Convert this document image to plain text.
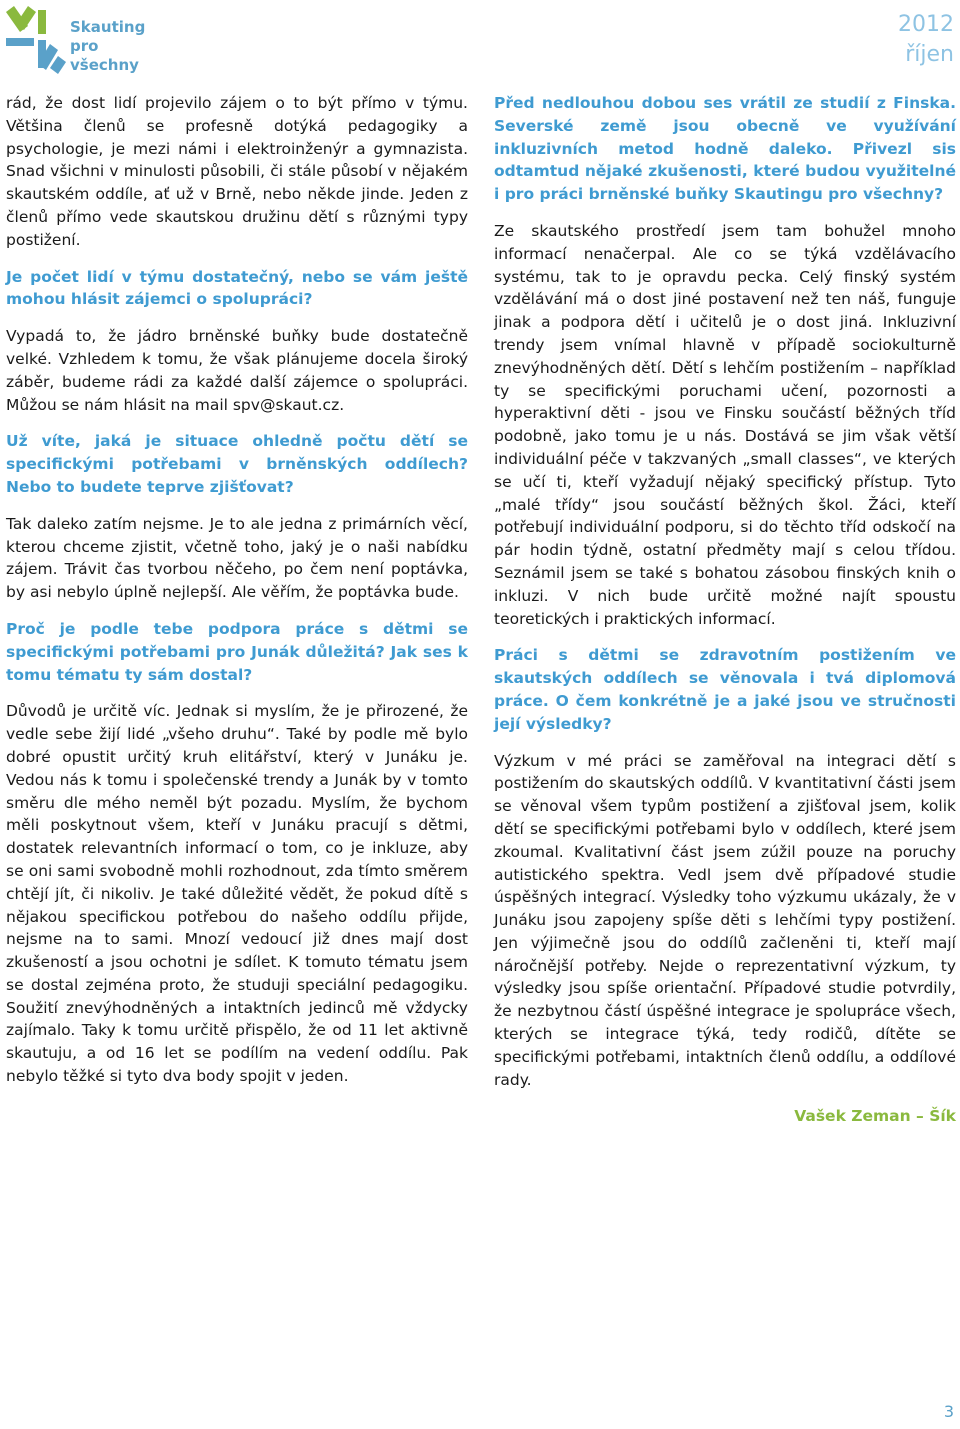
Skauting
pro všechny
2012
říjen

rád, že dost lidí projevilo zájem o to být přímo v týmu. Většina členů se profesně dotýká pedagogiky a psychologie, je mezi námi i elektroinženýr a gymnazista. Snad všichni v minulosti působili, či stále působí v nějakém skautském oddíle, ať už v Brně, nebo někde jinde. Jeden z členů přímo vede skautskou družinu dětí s různými typy postižení.

Je počet lidí v týmu dostatečný, nebo se vám ještě mohou hlásit zájemci o spolupráci?

Vypadá to, že jádro brněnské buňky bude dostatečně velké. Vzhledem k tomu, že však plánujeme docela široký záběr, budeme rádi za každé další zájemce o spolupráci. Můžou se nám hlásit na mail spv@skaut.cz.

Už víte, jaká je situace ohledně počtu dětí se specifickými potřebami v brněnských oddílech? Nebo to budete teprve zjišťovat?

Tak daleko zatím nejsme. Je to ale jedna z primárních věcí, kterou chceme zjistit, včetně toho, jaký je o naši nabídku zájem. Trávit čas tvorbou něčeho, po čem není poptávka, by asi nebylo úplně nejlepší. Ale věřím, že poptávka bude.

Proč je podle tebe podpora práce s dětmi se specifickými potřebami pro Junák důležitá? Jak ses k tomu tématu ty sám dostal?

Důvodů je určitě víc. Jednak si myslím, že je přirozené, že vedle sebe žijí lidé „všeho druhu“. Také by podle mě bylo dobré opustit určitý kruh elitářství, který v Junáku je. Vedou nás k tomu i společenské trendy a Junák by v tomto směru dle mého neměl být pozadu. Myslím, že bychom měli poskytnout všem, kteří v Junáku pracují s dětmi, dostatek relevantních informací o tom, co je inkluze, aby se oni sami svobodně mohli rozhodnout, zda tímto směrem chtějí jít, či nikoliv. Je také důležité vědět, že pokud dítě s nějakou specifickou potřebou do našeho oddílu přijde, nejsme na to sami. Mnozí vedoucí již dnes mají dost zkušeností a jsou ochotni je sdílet. K tomuto tématu jsem se dostal zejména proto, že studuji speciální pedagogiku. Soužití znevýhodněných a intaktních jedinců mě vždycky zajímalo. Taky k tomu určitě přispělo, že od 11 let aktivně skautuju, a od 16 let se podílím na vedení oddílu. Pak nebylo těžké si tyto dva body spojit v jeden.

Před nedlouhou dobou ses vrátil ze studií z Finska. Severské země jsou obecně ve využívání inkluzivních metod hodně daleko. Přivezl sis odtamtud nějaké zkušenosti, které budou využitelné i pro práci brněnské buňky Skautingu pro všechny?

Ze skautského prostředí jsem tam bohužel mnoho informací nenačerpal. Ale co se týká vzdělávacího systému, tak to je opravdu pecka. Celý finský systém vzdělávání má o dost jiné postavení než ten náš, funguje jinak a podpora dětí i učitelů je o dost jiná. Inkluzivní trendy jsem vnímal hlavně v případě sociokulturně znevýhodněných dětí. Dětí s lehčím postižením – například ty se specifickými poruchami učení, pozornosti a hyperaktivní děti - jsou ve Finsku součástí běžných tříd podobně, jako tomu je u nás. Dostává se jim však větší individuální péče v takzvaných „small classes“, ve kterých se učí ti, kteří vyžadují nějaký specifický přístup. Tyto „malé třídy“ jsou součástí běžných škol. Žáci, kteří potřebují individuální podporu, si do těchto tříd odskočí na pár hodin týdně, ostatní předměty mají s celou třídou. Seznámil jsem se také s bohatou zásobou finských knih o inkluzi. V nich bude určitě možné najít spoustu teoretických i praktických informací.

Práci s dětmi se zdravotním postižením ve skautských oddílech se věnovala i tvá diplomová práce. O čem konkrétně je a jaké jsou ve stručnosti její výsledky?

Výzkum v mé práci se zaměřoval na integraci dětí s postižením do skautských oddílů. V kvantitativní části jsem se věnoval všem typům postižení a zjišťoval jsem, kolik dětí se specifickými potřebami bylo v oddílech, které jsem zkoumal. Kvalitativní část jsem zúžil pouze na poruchy autistického spektra. Vedl jsem dvě případové studie úspěšných integrací. Výsledky toho výzkumu ukázaly, že v Junáku jsou zapojeny spíše děti s lehčími typy postižení. Jen výjimečně jsou do oddílů začleněni ti, kteří mají náročnější potřeby. Nejde o reprezentativní výzkum, ty výsledky jsou spíše orientační. Případové studie potvrdily, že nezbytnou částí úspěšné integrace je spolupráce všech, kterých se integrace týká, tedy rodičů, dítěte se specifickými potřebami, intaktních členů oddílu, a oddílové rady.

Vašek Zeman – Šík
3
